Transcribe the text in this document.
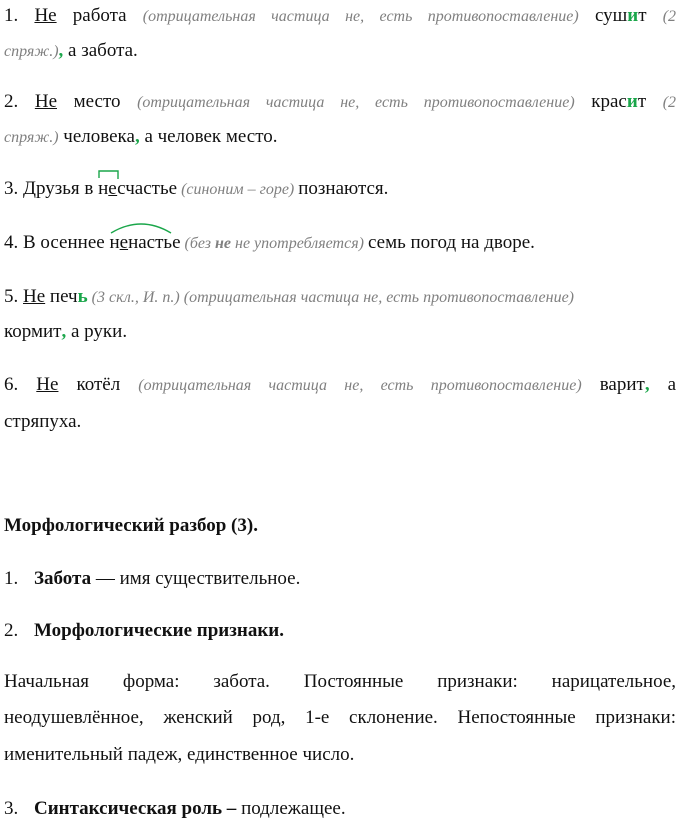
1. Не работа (отрицательная частица не, есть противопоставление) сушит (2
спряж.), а забота.
2. Не место (отрицательная частица не, есть противопоставление) красит (2
спряж.) человека, а человек место.
3. Друзья в
несчастье (синоним – горе) познаются.
4. В осеннее
ненастье (без не не употребляется) семь погод на дворе.
5. Не печь (3 скл., И. п.) (отрицательная частица не, есть противопоставление)
кормит, а руки.
6. Не котёл (отрицательная частица не, есть противопоставление) варит, а
стряпуха.
Морфологический разбор (3).
1. Забота — имя существительное.
2. Морфологические признаки.
Начальная форма: забота. Постоянные признаки: нарицательное,
неодушевлённое, женский род, 1-е склонение. Непостоянные признаки:
именительный падеж, единственное число.
3. Синтаксическая роль – подлежащее.
